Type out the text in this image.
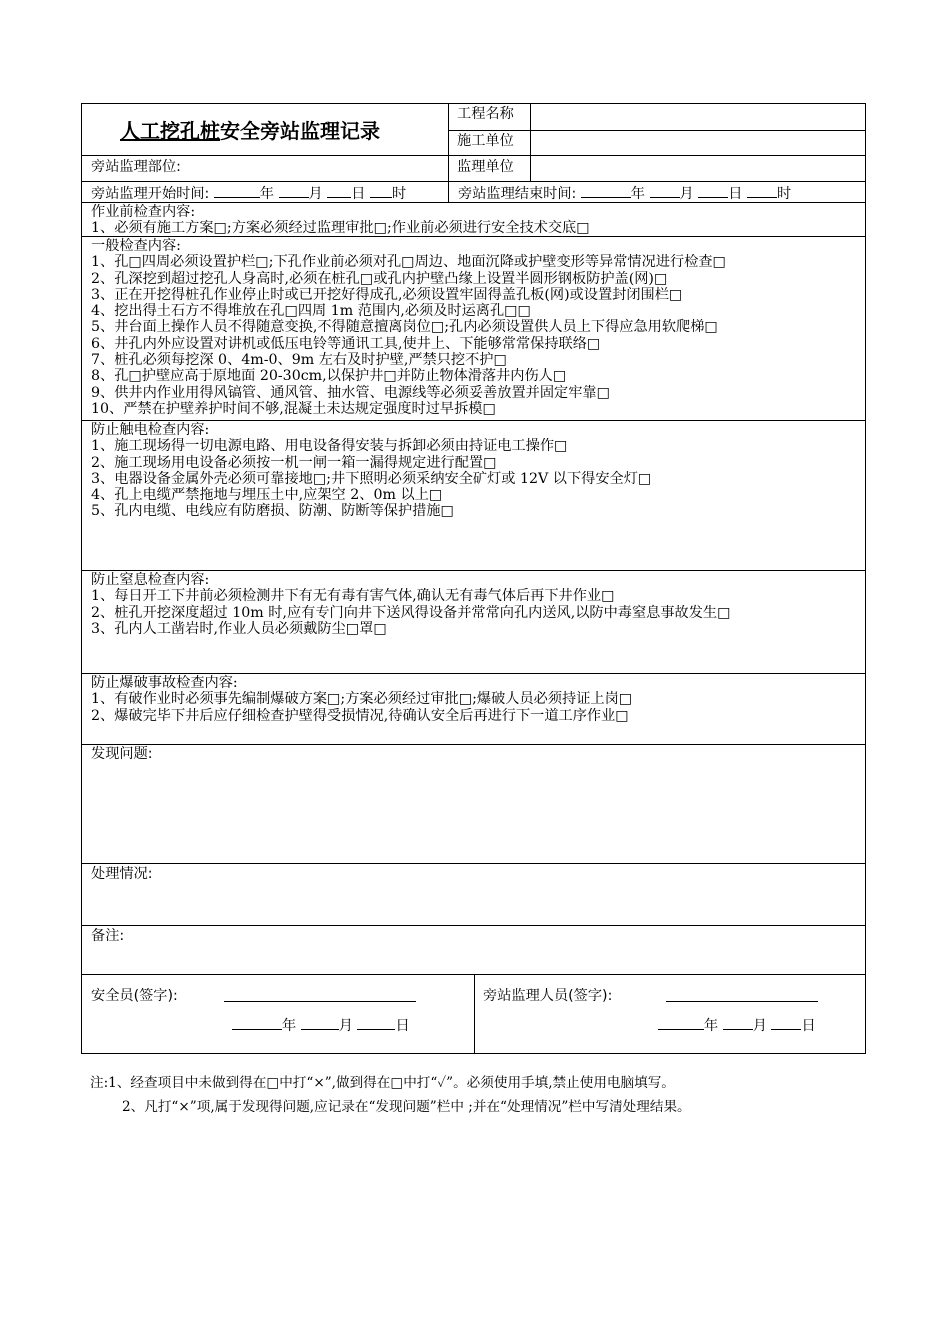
人工挖孔桩安全旁站监理记录
工程名称
施工单位
监理单位
旁站监理部位:
旁站监理开始时间:	年 月 日 时	旁站监理结束时间:	年 月 日 时
作业前检查内容:
1、必须有施工方案□;方案必须经过监理审批□;作业前必须进行安全技术交底□
一般检查内容:
1、孔□四周必须设置护栏□;下孔作业前必须对孔□周边、地面沉降或护壁变形等异常情况进行检查□
2、孔深挖到超过挖孔人身高时,必须在桩孔□或孔内护壁凸缘上设置半圆形钢板防护盖(网)□
3、正在开挖得桩孔作业停止时或已开挖好得成孔,必须设置牢固得盖孔板(网)或设置封闭围栏□
4、挖出得土石方不得堆放在孔□四周 1m 范围内,必须及时运离孔□□
5、井台面上操作人员不得随意变换,不得随意擅离岗位□;孔内必须设置供人员上下得应急用软爬梯□
6、井孔内外应设置对讲机或低压电铃等通讯工具,使井上、下能够常常保持联络□
7、桩孔必须每挖深 0、4m-0、9m 左右及时护壁,严禁只挖不护□
8、孔□护壁应高于原地面 20-30cm,以保护井□并防止物体滑落井内伤人□
9、供井内作业用得风镐管、通风管、抽水管、电源线等必须妥善放置并固定牢靠□
10、严禁在护壁养护时间不够,混凝土未达规定强度时过早拆模□
防止触电检查内容:
1、施工现场得一切电源电路、用电设备得安装与拆卸必须由持证电工操作□
2、施工现场用电设备必须按一机一闸一箱一漏得规定进行配置□
3、电器设备金属外壳必须可靠接地□;井下照明必须采纳安全矿灯或 12V 以下得安全灯□
4、孔上电缆严禁拖地与埋压土中,应架空 2、0m 以上□
5、孔内电缆、电线应有防磨损、防潮、防断等保护措施□
防止窒息检查内容:
1、每日开工下井前必须检测井下有无有毒有害气体,确认无有毒气体后再下井作业□
2、桩孔开挖深度超过 10m 时,应有专门向井下送风得设备并常常向孔内送风,以防中毒窒息事故发生□
3、孔内人工凿岩时,作业人员必须戴防尘□罩□
防止爆破事故检查内容:
1、有破作业时必须事先编制爆破方案□;方案必须经过审批□;爆破人员必须持证上岗□
2、爆破完毕下井后应仔细检查护壁得受损情况,待确认安全后再进行下一道工序作业□
发现问题:
处理情况:
备注:
安全员(签字):
年	月	日
旁站监理人员(签字):
年 月 日
注:1、经查项目中未做到得在□中打“×”,做到得在□中打“✓”。必须使用手填,禁止使用电脑填写。
2、凡打“×”项,属于发现得问题,应记录在“发现问题”栏中 ;并在“处理情况”栏中写清处理结果。
